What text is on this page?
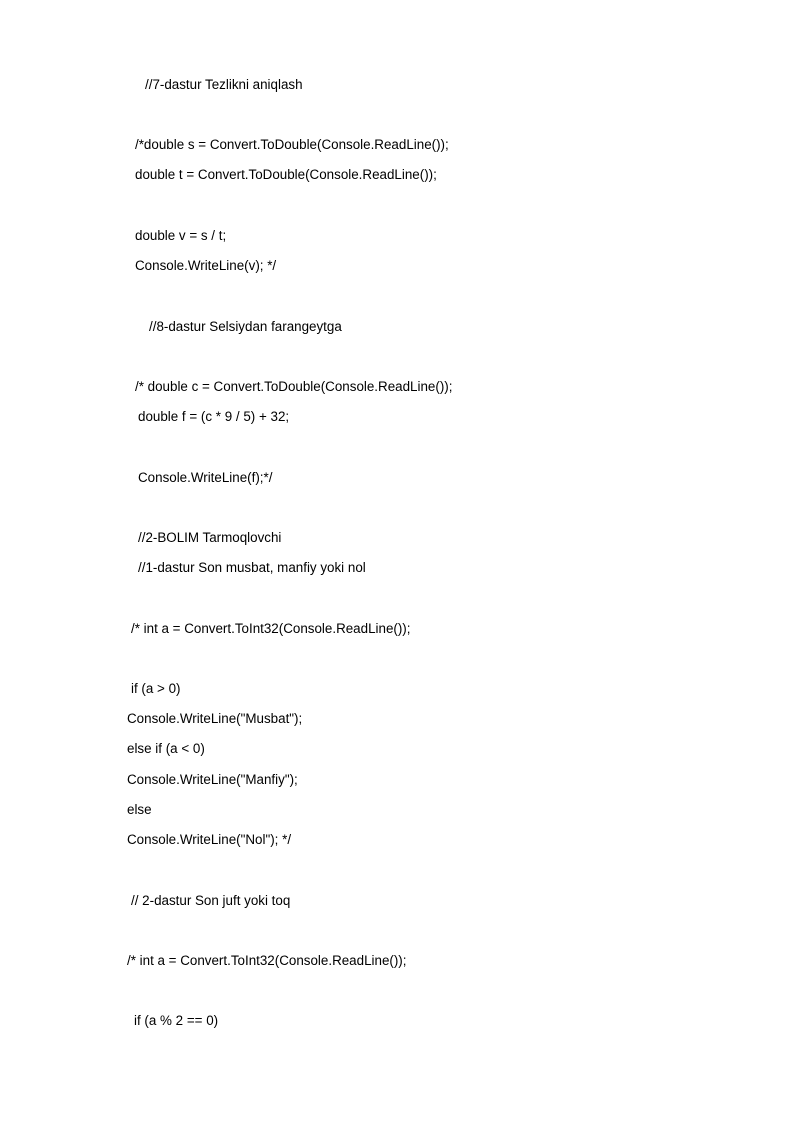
//7-dastur Tezlikni aniqlash
/*double s = Convert.ToDouble(Console.ReadLine());
double t = Convert.ToDouble(Console.ReadLine());
double v = s / t;
Console.WriteLine(v); */
//8-dastur Selsiydan farangeytga
/* double c = Convert.ToDouble(Console.ReadLine());
double f = (c * 9 / 5) + 32;
Console.WriteLine(f);*/
//2-BOLIM Tarmoqlovchi
//1-dastur Son musbat, manfiy yoki nol
/* int a = Convert.ToInt32(Console.ReadLine());
if (a > 0)
Console.WriteLine("Musbat");
else if (a < 0)
Console.WriteLine("Manfiy");
else
Console.WriteLine("Nol"); */
// 2-dastur Son juft yoki toq
/* int a = Convert.ToInt32(Console.ReadLine());
if (a % 2 == 0)
